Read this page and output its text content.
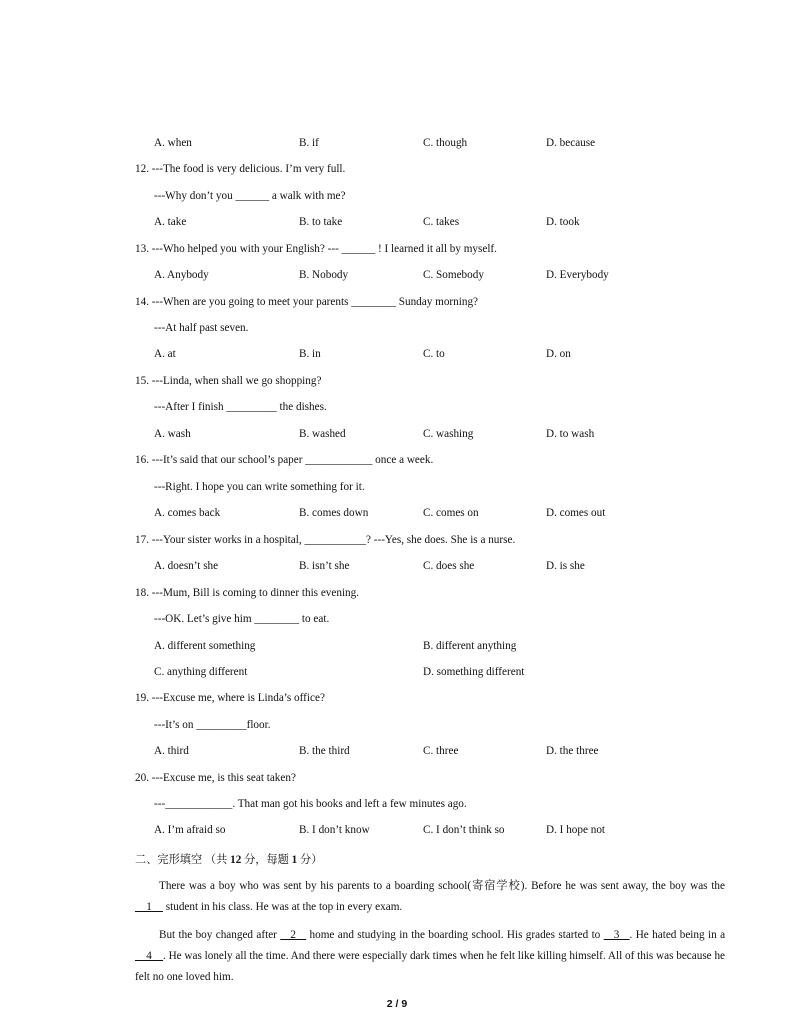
A. when	B. if	C. though	D. because
12. ---The food is very delicious. I’m very full.
---Why don’t you ______ a walk with me?
A. take	B. to take	C. takes	D. took
13. ---Who helped you with your English? --- ______ ! I learned it all by myself.
A. Anybody	B. Nobody	C. Somebody	D. Everybody
14. ---When are you going to meet your parents ________ Sunday morning?
---At half past seven.
A. at	B. in	C. to	D. on
15. ---Linda, when shall we go shopping?
---After I finish _________ the dishes.
A. wash	B. washed	C. washing	D. to wash
16. ---It’s said that our school’s paper ____________ once a week.
---Right. I hope you can write something for it.
A. comes back	B. comes down	C. comes on	D. comes out
17. ---Your sister works in a hospital, ___________? ---Yes, she does. She is a nurse.
A. doesn’t she	B. isn’t she	C. does she	D. is she
18. ---Mum, Bill is coming to dinner this evening.
---OK. Let’s give him ________ to eat.
A. different something	B. different anything
C. anything different	D. something different
19. ---Excuse me, where is Linda’s office?
---It’s on _________floor.
A. third	B. the third	C. three	D. the three
20. ---Excuse me, is this seat taken?
---____________. That man got his books and left a few minutes ago.
A. I’m afraid so	B. I don’t know	C. I don’t think so	D. I hope not
二、完形填空 （共 12 分，每题 1 分）
There was a boy who was sent by his parents to a boarding school(寄宿学校). Before he was sent away, the boy was the     1     student in his class. He was at the top in every exam.
But the boy changed after    2    home and studying in the boarding school. His grades started to    3   . He hated being in a     4    . He was lonely all the time. And there were especially dark times when he felt like killing himself. All of this was because he felt no one loved him.
2 / 9
